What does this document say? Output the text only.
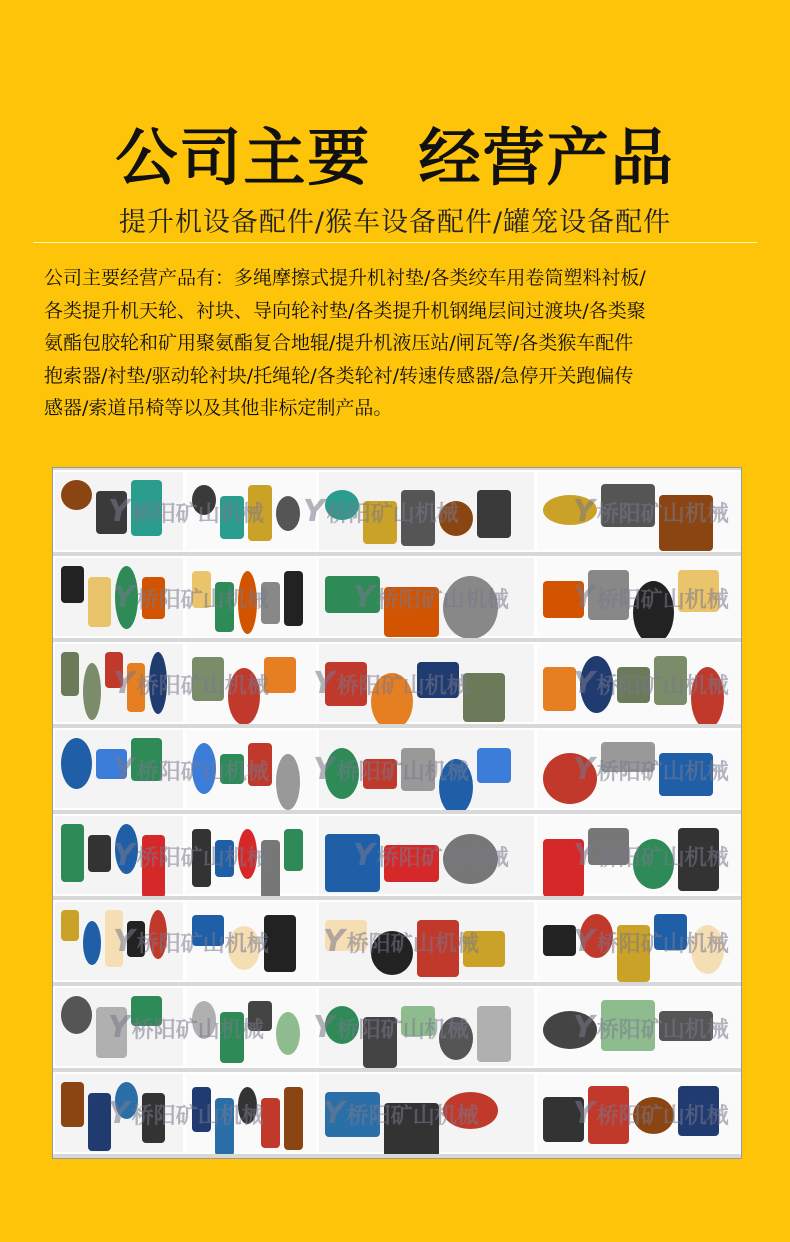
公司主要  经营产品
提升机设备配件/猴车设备配件/罐笼设备配件
公司主要经营产品有：多绳摩擦式提升机衬垫/各类绞车用卷筒塑料衬板/
各类提升机天轮、衬块、导向轮衬垫/各类提升机钢绳层间过渡块/各类聚
氨酯包胶轮和矿用聚氨酯复合地辊/提升机液压站/闸瓦等/各类猴车配件
抱索器/衬垫/驱动轮衬块/托绳轮/各类轮衬/转速传感器/急停开关跑偏传
感器/索道吊椅等以及其他非标定制产品。
Y桥阳矿山机械 Y桥阳矿山机械	Y桥阳矿山机械
Y桥阳矿山机械	Y桥阳矿山机械 Y桥阳矿山机械
Y桥阳矿山机械 Y桥阳矿山机械	Y桥阳矿山机械
Y桥阳矿山机械 Y桥阳矿山机械	Y桥阳矿山机械
Y桥阳矿山机械	Y桥阳矿山机械 Y桥阳矿山机械
Y桥阳矿山机械 Y桥阳矿山机械	Y桥阳矿山机械
Y桥阳矿山机械 Y桥阳矿山机械	Y桥阳矿山机械
Y桥阳矿山机械 Y桥阳矿山机械	Y桥阳矿山机械
